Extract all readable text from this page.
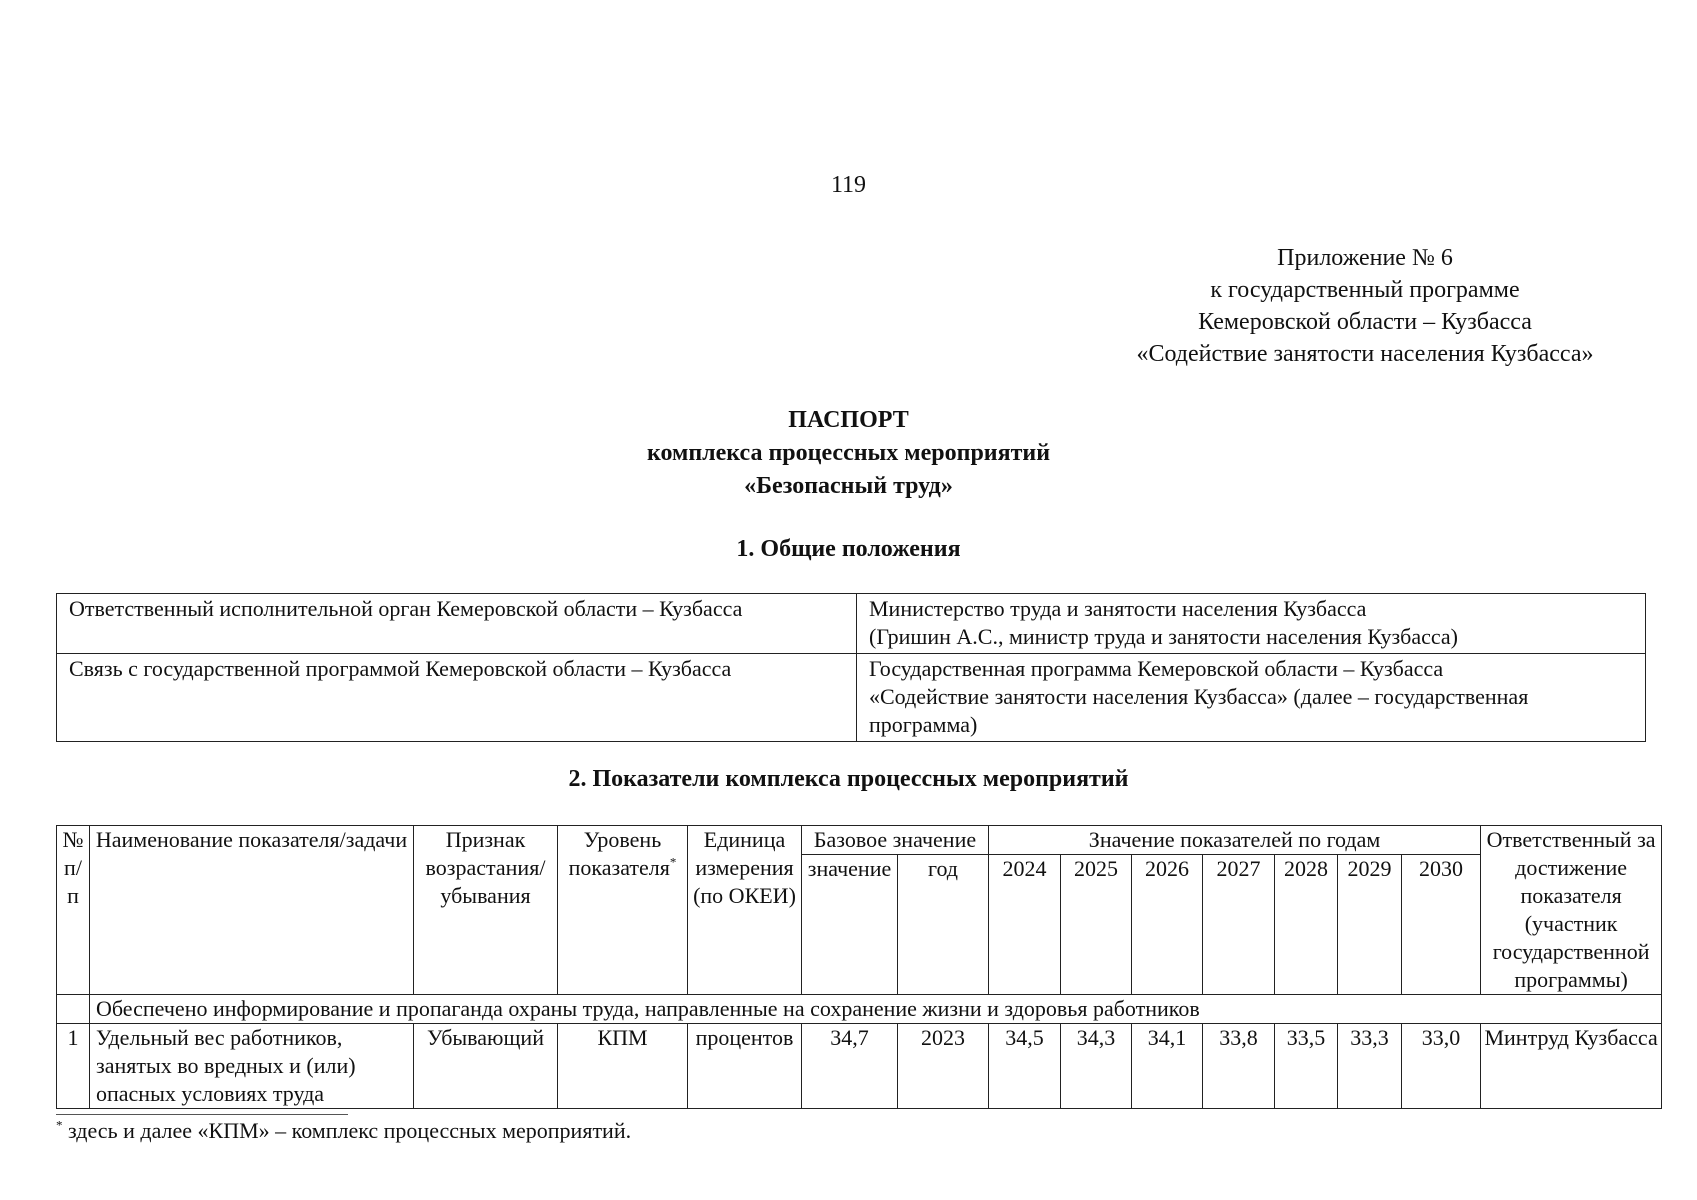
119
Приложение № 6
к государственный программе
Кемеровской области – Кузбасса
«Содействие занятости населения Кузбасса»
ПАСПОРТ
комплекса процессных мероприятий
«Безопасный труд»
1. Общие положения
Ответственный исполнительной орган Кемеровской области – Кузбасса	Министерство труда и занятости населения Кузбасса
(Гришин А.С., министр труда и занятости населения Кузбасса)

Связь с государственной программой Кемеровской области – Кузбасса	Государственная программа Кемеровской области – Кузбасса
«Содействие занятости населения Кузбасса» (далее – государственная программа)
2. Показатели комплекса процессных мероприятий
№ п/п	Наименование показателя/задачи	Признак возрастания/ убывания	Уровень показателя*	Единица измерения (по ОКЕИ)	Базовое значение		Значение показателей по годам							Ответственный за достижение показателя (участник государственной программы)
					значение	год	2024	2025	2026	2027	2028	2029	2030	
	Обеспечено информирование и пропаганда охраны труда, направленные на сохранение жизни и здоровья работников													
1	Удельный вес работников, занятых во вредных и (или) опасных условиях труда	Убывающий	КПМ	процентов	34,7	2023	34,5	34,3	34,1	33,8	33,5	33,3	33,0	Минтруд Кузбасса
* здесь и далее «КПМ» – комплекс процессных мероприятий.
